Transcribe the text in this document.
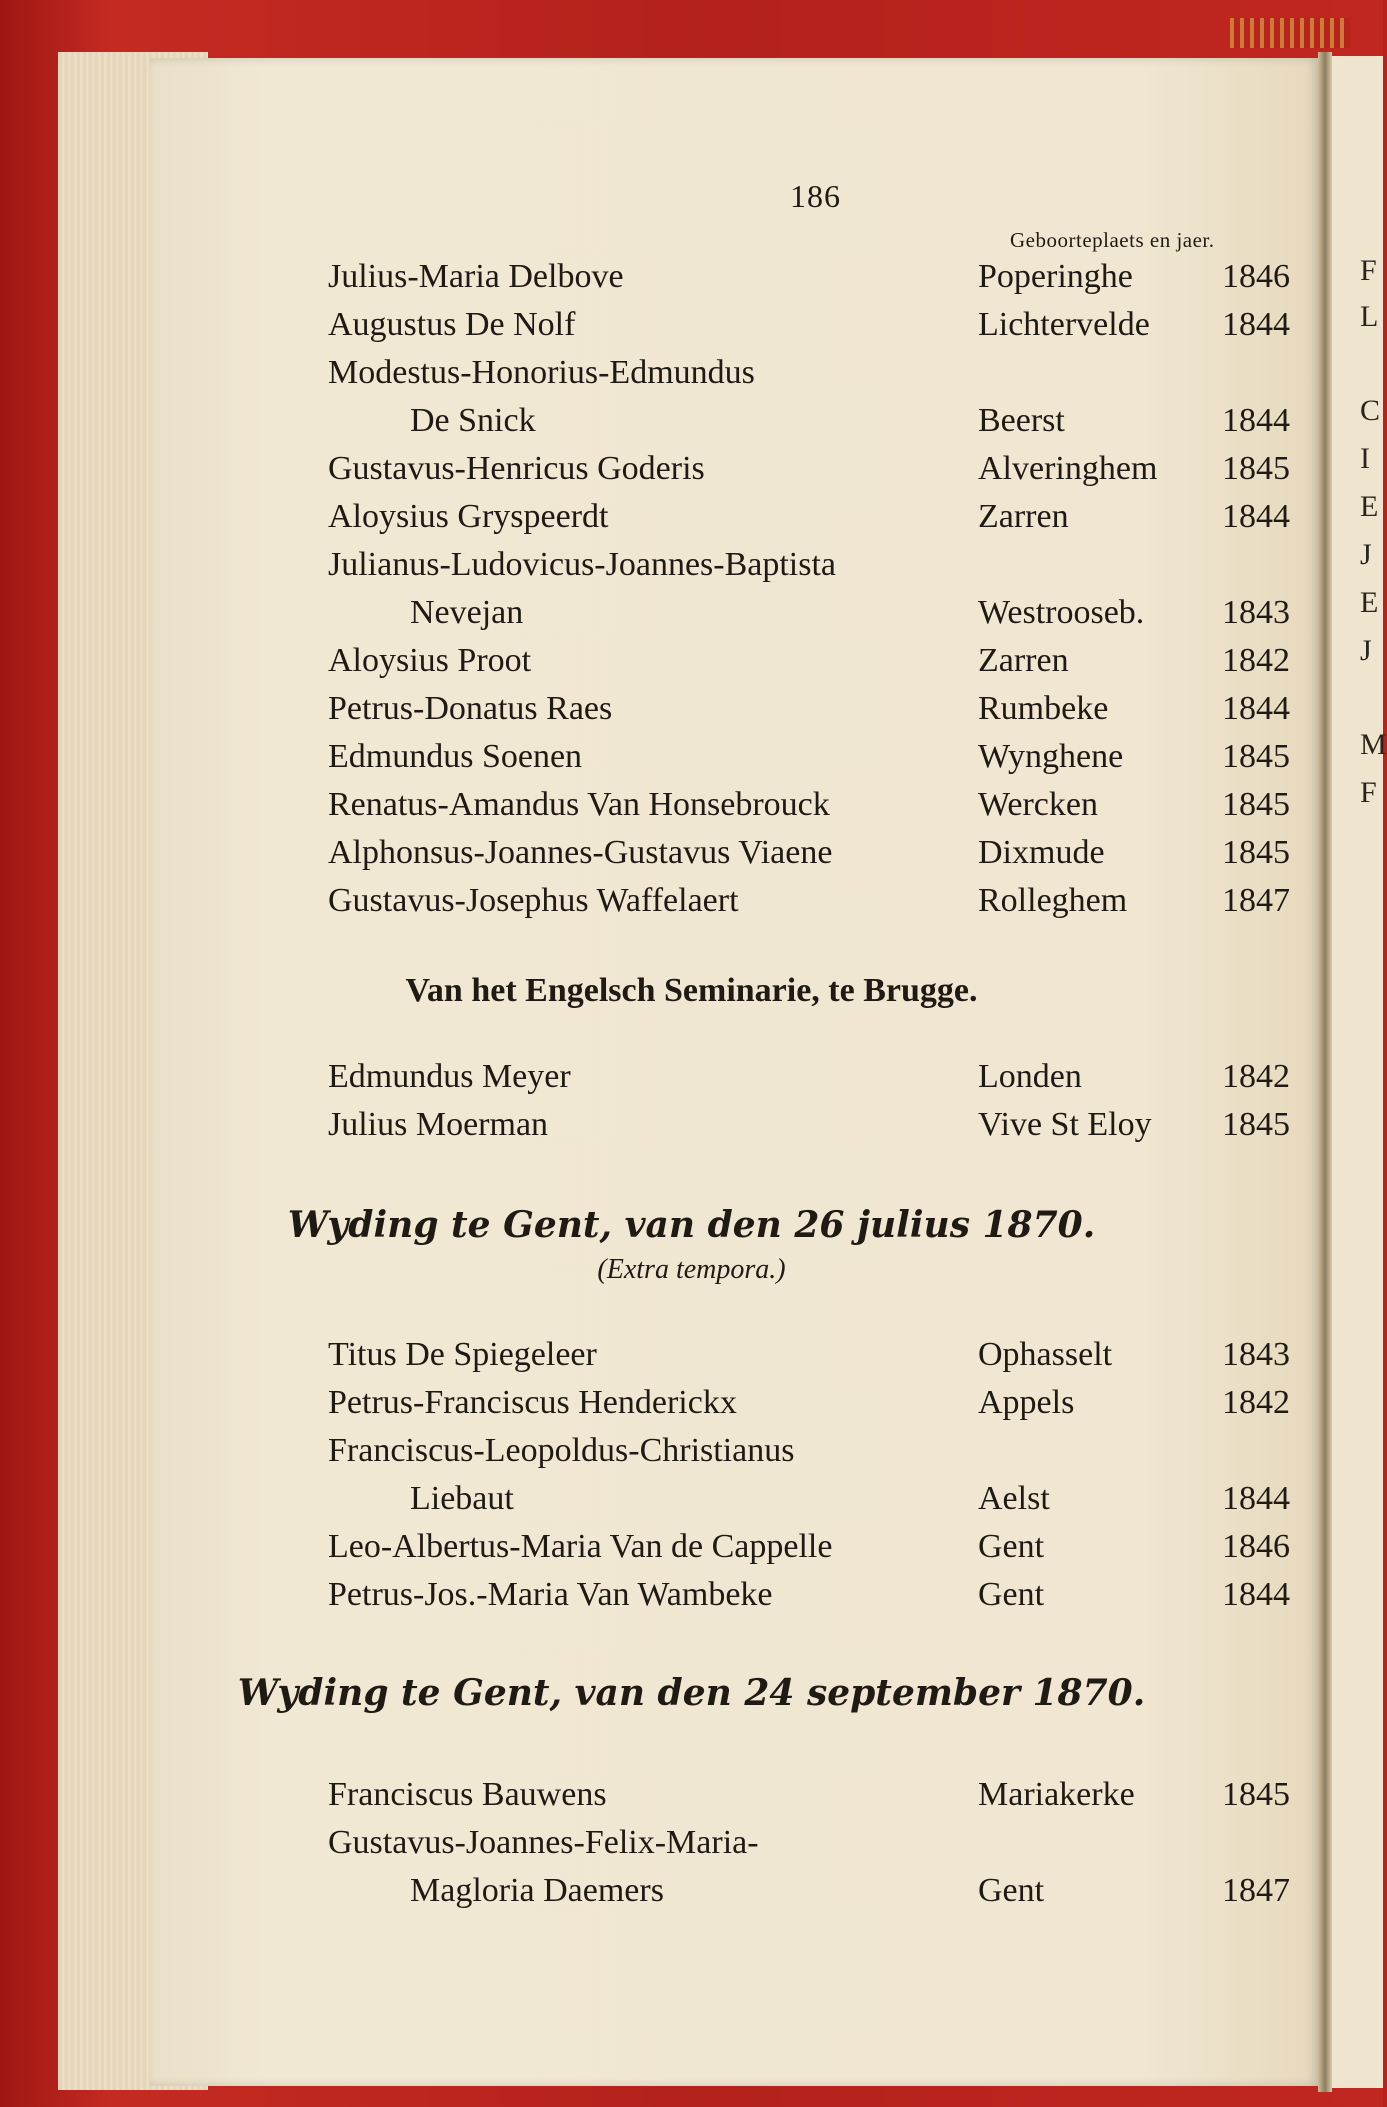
F
L
C
I
E
J
E
J
M
F
186
Geboorteplaets en jaer.
Julius-Maria Delbove	Poperinghe	1846
Augustus De Nolf	Lichtervelde 1844
Modestus-Honorius-Edmundus
De Snick	Beerst	1844
Gustavus-Henricus Goderis	Alveringhem 1845
Aloysius Gryspeerdt	Zarren	1844
Julianus-Ludovicus-Joannes-Baptista
Nevejan	Westrooseb. 1843
Aloysius Proot	Zarren	1842
Petrus-Donatus Raes	Rumbeke	1844
Edmundus Soenen	Wynghene	1845
Renatus-Amandus Van Honsebrouck	Wercken	1845
Alphonsus-Joannes-Gustavus Viaene	Dixmude	1845
Gustavus-Josephus Waffelaert	Rolleghem	1847
Van het Engelsch Seminarie, te Brugge.
Edmundus Meyer	Londen	1842
Julius Moerman	Vive St Eloy 1845
Wyding te Gent, van den 26 julius 1870.
(Extra tempora.)
Titus De Spiegeleer	Ophasselt	1843
Petrus-Franciscus Henderickx	Appels	1842
Franciscus-Leopoldus-Christianus
Liebaut	Aelst	1844
Leo-Albertus-Maria Van de Cappelle	Gent	1846
Petrus-Jos.-Maria Van Wambeke	Gent	1844
Wyding te Gent, van den 24 september 1870.
Franciscus Bauwens	Mariakerke	1845
Gustavus-Joannes-Felix-Maria-
Magloria Daemers	Gent	1847
